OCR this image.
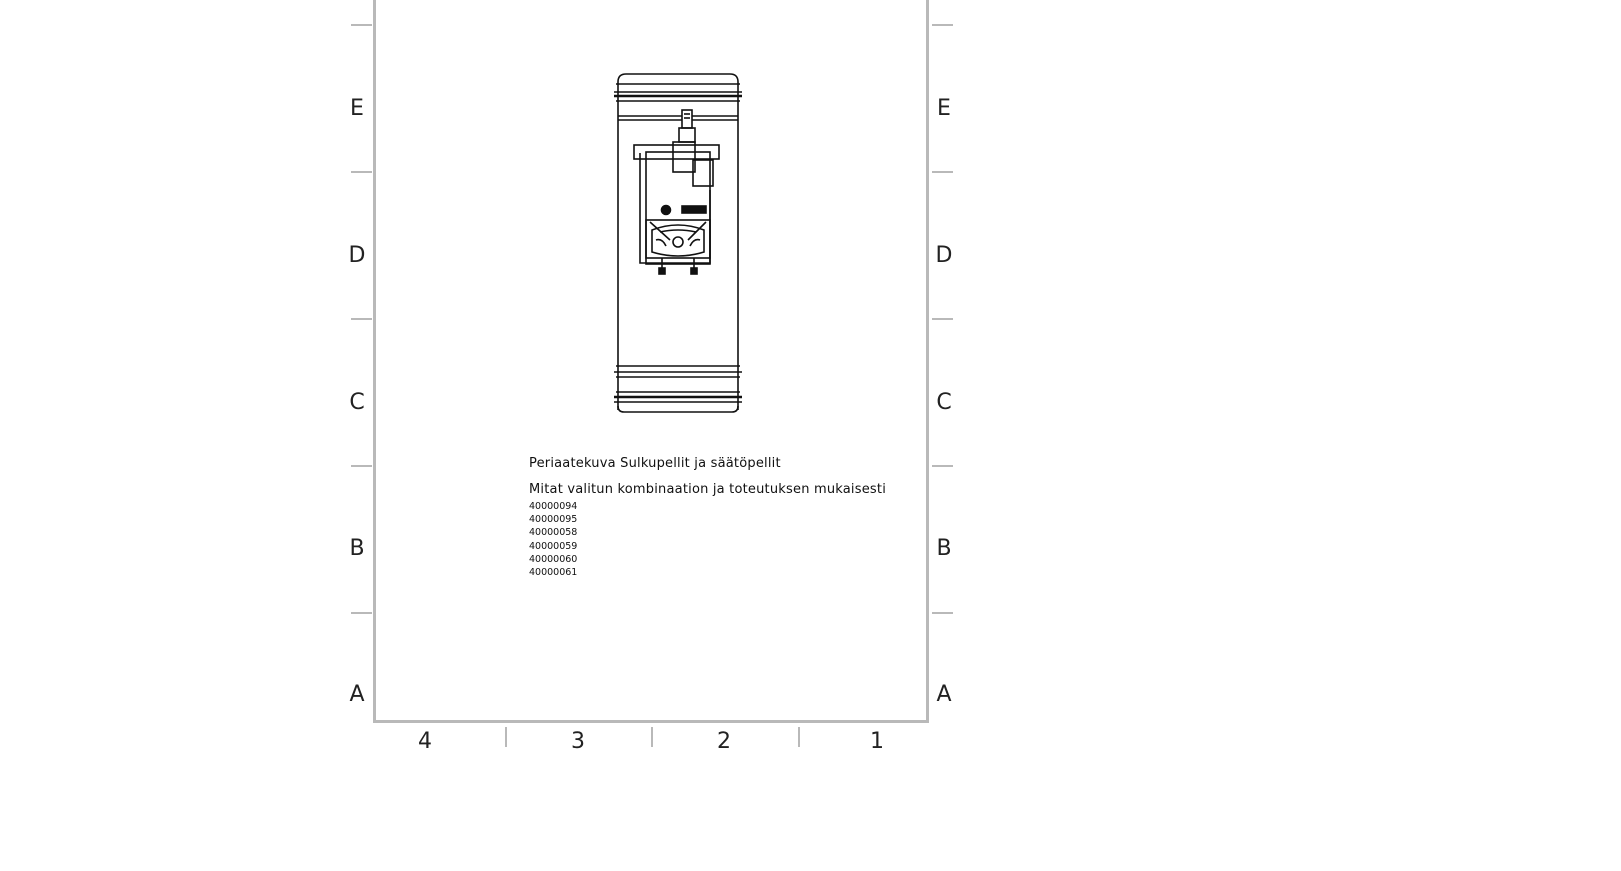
E
D
C
B
A
E
D
C
B
A
4	3	2	1
Periaatekuva Sulkupellit ja säätöpellit
Mitat valitun kombinaation ja toteutuksen mukaisesti
40000094
40000095
40000058
40000059
40000060
40000061
